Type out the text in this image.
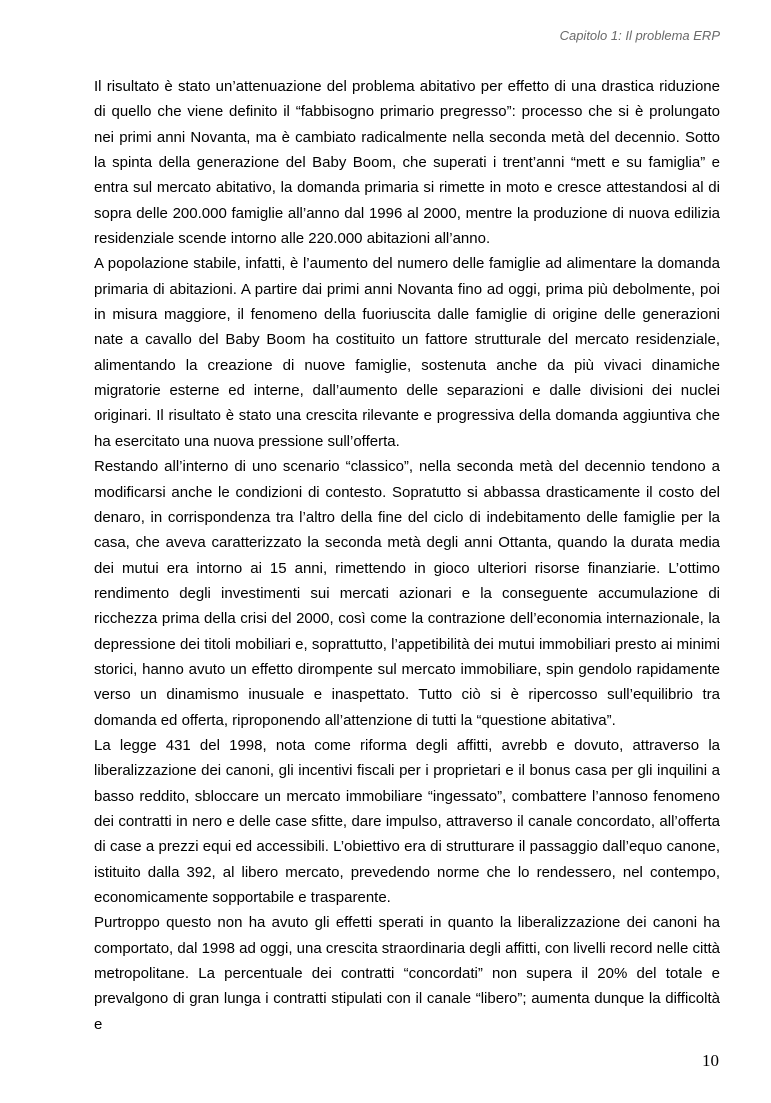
Capitolo 1: Il problema ERP

Il risultato è stato un’attenuazione del problema abitativo per effetto di una drastica riduzione di quello che viene definito il “fabbisogno primario pregresso”: processo che si è prolungato nei primi anni Novanta, ma è cambiato radicalmente nella seconda metà del decennio. Sotto la spinta della generazione del Baby Boom, che superati i trent’anni “mett e su famiglia” e entra sul mercato abitativo, la domanda primaria si rimette in moto e cresce attestandosi al di sopra delle 200.000 famiglie all’anno dal 1996 al 2000, mentre la produzione di nuova edilizia residenziale scende intorno alle 220.000 abitazioni all’anno.

A popolazione stabile, infatti, è l’aumento del numero delle famiglie ad alimentare la domanda primaria di abitazioni. A partire dai primi anni Novanta fino ad oggi, prima più debolmente, poi in misura maggiore, il fenomeno della fuoriuscita dalle famiglie di origine delle generazioni nate a cavallo del Baby Boom ha costituito un fattore strutturale del mercato residenziale, alimentando la creazione di nuove famiglie, sostenuta anche da più vivaci dinamiche migratorie esterne ed interne, dall’aumento delle separazioni e dalle divisioni dei nuclei originari. Il risultato è stato una crescita rilevante e progressiva della domanda aggiuntiva che ha esercitato una nuova pressione sull’offerta.

Restando all’interno di uno scenario “classico”, nella seconda metà del decennio tendono a modificarsi anche le condizioni di contesto. Sopratutto si abbassa drasticamente il costo del denaro, in corrispondenza tra l’altro della fine del ciclo di indebitamento delle famiglie per la casa, che aveva caratterizzato la seconda metà degli anni Ottanta, quando la durata media dei mutui era intorno ai 15 anni, rimettendo in gioco ulteriori risorse finanziarie. L’ottimo rendimento degli investimenti sui mercati azionari e la conseguente accumulazione di ricchezza prima della crisi del 2000, così come la contrazione dell’economia internazionale, la depressione dei titoli mobiliari e, soprattutto, l’appetibilità dei mutui immobiliari presto ai minimi storici, hanno avuto un effetto dirompente sul mercato immobiliare, spin gendolo rapidamente verso un dinamismo inusuale e inaspettato. Tutto ciò si è ripercosso sull’equilibrio tra domanda ed offerta, riproponendo all’attenzione di tutti la “questione abitativa”.

La legge 431 del 1998, nota come riforma degli affitti, avrebb e dovuto, attraverso la liberalizzazione dei canoni, gli incentivi fiscali per i proprietari e il bonus casa per gli inquilini a basso reddito, sbloccare un mercato immobiliare “ingessato”, combattere l’annoso fenomeno dei contratti in nero e delle case sfitte, dare impulso, attraverso il canale concordato, all’offerta di case a prezzi equi ed accessibili. L’obiettivo era di strutturare il passaggio dall’equo canone, istituito dalla 392, al libero mercato, prevedendo norme che lo rendessero, nel contempo, economicamente sopportabile e trasparente.

Purtroppo questo non ha avuto gli effetti sperati in quanto la liberalizzazione dei canoni ha comportato, dal 1998 ad oggi, una crescita straordinaria degli affitti, con livelli record nelle città metropolitane. La percentuale dei contratti “concordati” non supera il 20% del totale e prevalgono di gran lunga i contratti stipulati con il canale “libero”; aumenta dunque la difficoltà e

10
